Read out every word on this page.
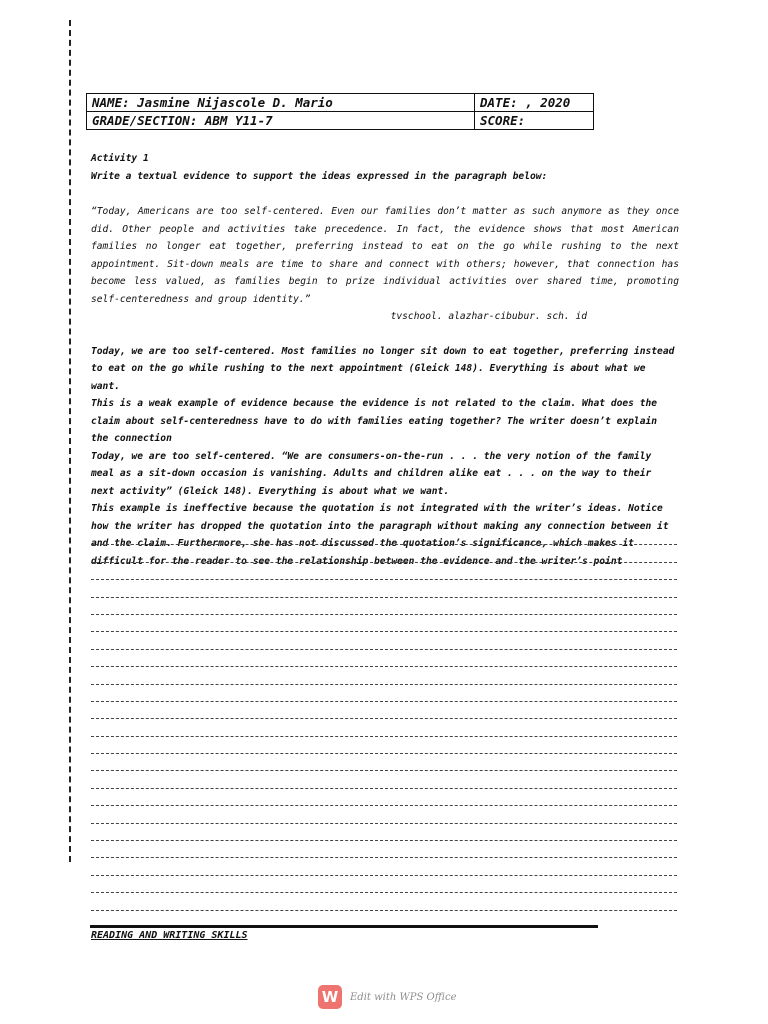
NAME: Jasmine Nijascole D. Mario	DATE: , 2020
GRADE/SECTION: ABM Y11-7	SCORE:

Activity 1

Write a textual evidence to support the ideas expressed in the paragraph below:

“Today, Americans are too self-centered. Even our families don’t matter as such anymore as they once did. Other people and activities take precedence. In fact, the evidence shows that most American families no longer eat together, preferring instead to eat on the go while rushing to the next appointment. Sit-down meals are time to share and connect with others; however, that connection has become less valued, as families begin to prize individual activities over shared time, promoting self-centeredness and group identity.”

tvschool. alazhar-cibubur. sch. id

Today, we are too self-centered. Most families no longer sit down to eat together, preferring instead to eat on the go while rushing to the next appointment (Gleick 148). Everything is about what we want.
This is a weak example of evidence because the evidence is not related to the claim. What does the claim about self-centeredness have to do with families eating together? The writer doesn’t explain the connection
Today, we are too self-centered. “We are consumers-on-the-run . . . the very notion of the family meal as a sit-down occasion is vanishing. Adults and children alike eat . . . on the way to their next activity” (Gleick 148). Everything is about what we want.
This example is ineffective because the quotation is not integrated with the writer’s ideas. Notice how the writer has dropped the quotation into the paragraph without making any connection between it and the claim. Furthermore, she has not discussed the quotation’s significance, which makes it difficult for the reader to see the relationship between the evidence and the writer’s point

READING AND WRITING SKILLS
W	Edit with WPS Office
